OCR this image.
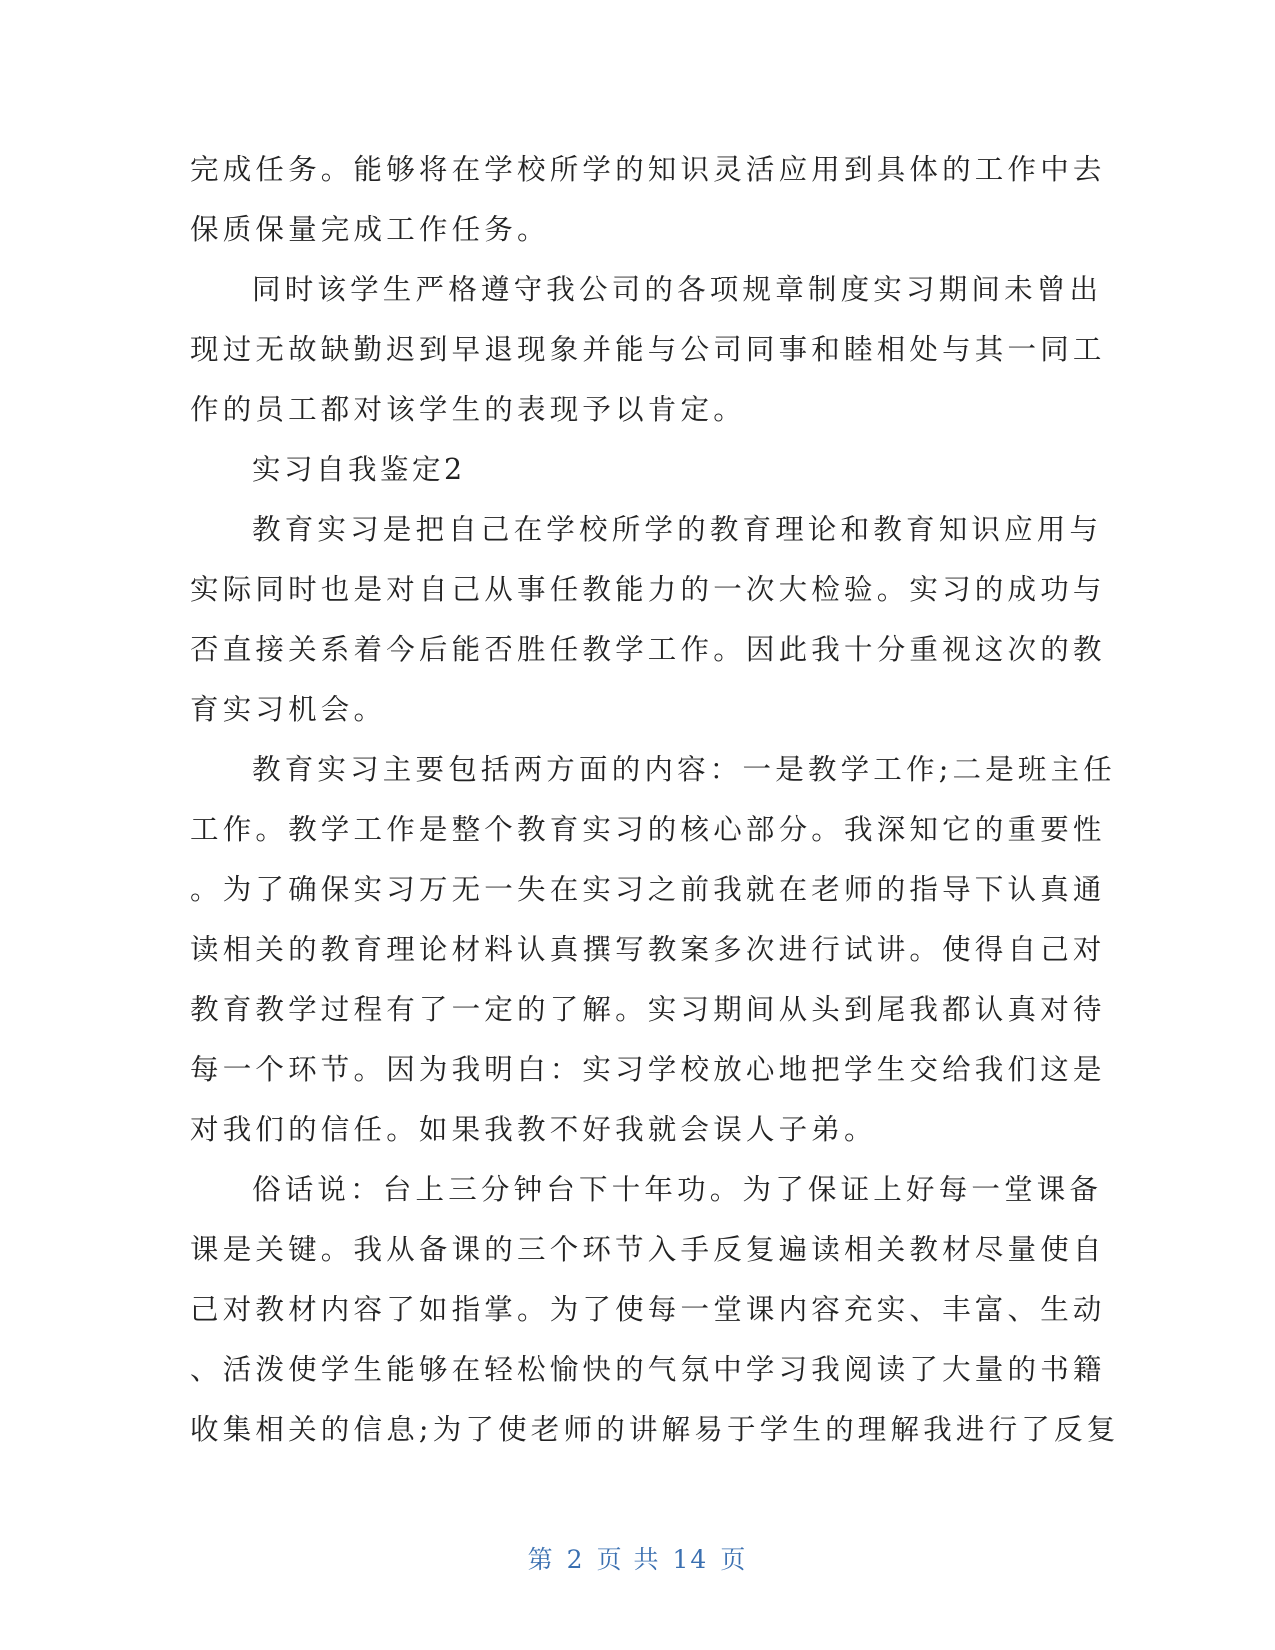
完成任务。能够将在学校所学的知识灵活应用到具体的工作中去
保质保量完成工作任务。
同时该学生严格遵守我公司的各项规章制度实习期间未曾出
现过无故缺勤迟到早退现象并能与公司同事和睦相处与其一同工
作的员工都对该学生的表现予以肯定。
实习自我鉴定2
教育实习是把自己在学校所学的教育理论和教育知识应用与
实际同时也是对自己从事任教能力的一次大检验。实习的成功与
否直接关系着今后能否胜任教学工作。因此我十分重视这次的教
育实习机会。
教育实习主要包括两方面的内容：一是教学工作;二是班主任
工作。教学工作是整个教育实习的核心部分。我深知它的重要性
。为了确保实习万无一失在实习之前我就在老师的指导下认真通
读相关的教育理论材料认真撰写教案多次进行试讲。使得自己对
教育教学过程有了一定的了解。实习期间从头到尾我都认真对待
每一个环节。因为我明白：实习学校放心地把学生交给我们这是
对我们的信任。如果我教不好我就会误人子弟。
俗话说：台上三分钟台下十年功。为了保证上好每一堂课备
课是关键。我从备课的三个环节入手反复遍读相关教材尽量使自
己对教材内容了如指掌。为了使每一堂课内容充实、丰富、生动
、活泼使学生能够在轻松愉快的气氛中学习我阅读了大量的书籍
收集相关的信息;为了使老师的讲解易于学生的理解我进行了反复
第 2 页 共 14 页
